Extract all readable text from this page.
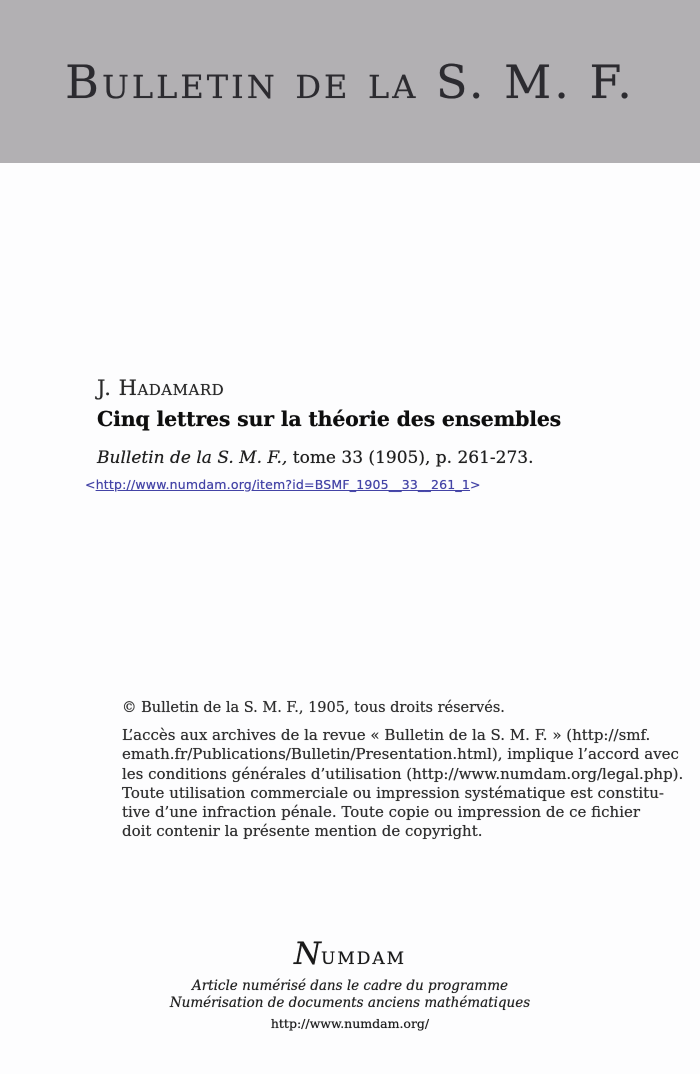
Bulletin de la S. M. F.
J. Hadamard
Cinq lettres sur la théorie des ensembles
Bulletin de la S. M. F., tome 33 (1905), p. 261-273.
<http://www.numdam.org/item?id=BSMF_1905__33__261_1>
© Bulletin de la S. M. F., 1905, tous droits réservés.
L’accès aux archives de la revue « Bulletin de la S. M. F. » (http://smf.
emath.fr/Publications/Bulletin/Presentation.html), implique l’accord avec
les conditions générales d’utilisation (http://www.numdam.org/legal.php).
Toute utilisation commerciale ou impression systématique est constitu-
tive d’une infraction pénale. Toute copie ou impression de ce fichier
doit contenir la présente mention de copyright.
Numdam
Article numérisé dans le cadre du programme
Numérisation de documents anciens mathématiques
http://www.numdam.org/
